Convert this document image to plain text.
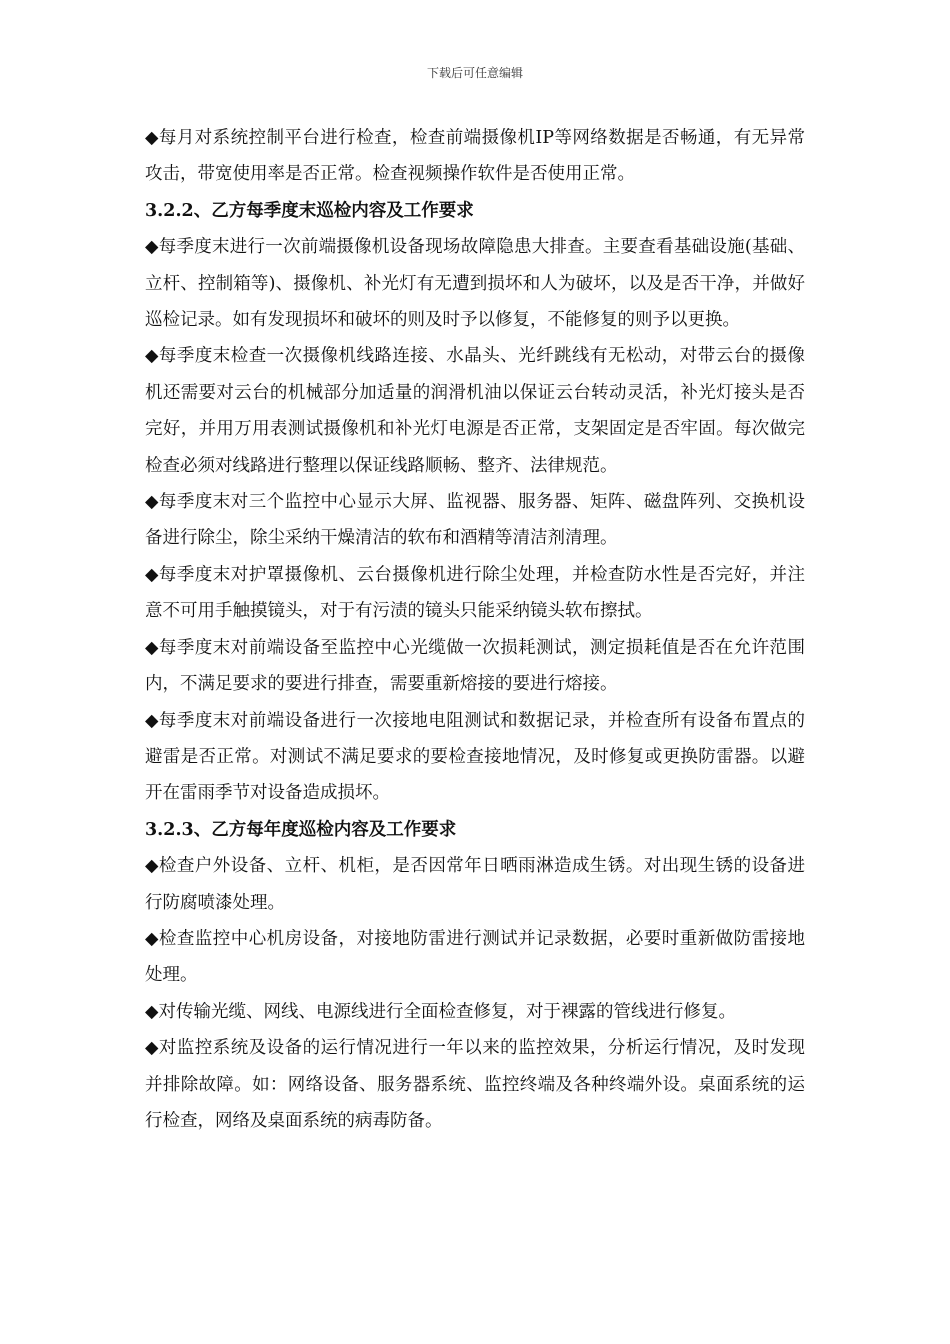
下载后可任意编辑

◆每月对系统控制平台进行检查，检查前端摄像机IP等网络数据是否畅通，有无异常攻击，带宽使用率是否正常。检查视频操作软件是否使用正常。

3.2.2、乙方每季度末巡检内容及工作要求

◆每季度末进行一次前端摄像机设备现场故障隐患大排查。主要查看基础设施(基础、立杆、控制箱等)、摄像机、补光灯有无遭到损坏和人为破坏，以及是否干净，并做好巡检记录。如有发现损坏和破坏的则及时予以修复，不能修复的则予以更换。

◆每季度末检查一次摄像机线路连接、水晶头、光纤跳线有无松动，对带云台的摄像机还需要对云台的机械部分加适量的润滑机油以保证云台转动灵活，补光灯接头是否完好，并用万用表测试摄像机和补光灯电源是否正常，支架固定是否牢固。每次做完检查必须对线路进行整理以保证线路顺畅、整齐、法律规范。

◆每季度末对三个监控中心显示大屏、监视器、服务器、矩阵、磁盘阵列、交换机设备进行除尘，除尘采纳干燥清洁的软布和酒精等清洁剂清理。

◆每季度末对护罩摄像机、云台摄像机进行除尘处理，并检查防水性是否完好，并注意不可用手触摸镜头，对于有污渍的镜头只能采纳镜头软布擦拭。

◆每季度末对前端设备至监控中心光缆做一次损耗测试，测定损耗值是否在允许范围内，不满足要求的要进行排查，需要重新熔接的要进行熔接。

◆每季度末对前端设备进行一次接地电阻测试和数据记录，并检查所有设备布置点的避雷是否正常。对测试不满足要求的要检查接地情况，及时修复或更换防雷器。以避开在雷雨季节对设备造成损坏。

3.2.3、乙方每年度巡检内容及工作要求

◆检查户外设备、立杆、机柜，是否因常年日晒雨淋造成生锈。对出现生锈的设备进行防腐喷漆处理。

◆检查监控中心机房设备，对接地防雷进行测试并记录数据，必要时重新做防雷接地处理。

◆对传输光缆、网线、电源线进行全面检查修复，对于裸露的管线进行修复。

◆对监控系统及设备的运行情况进行一年以来的监控效果，分析运行情况，及时发现并排除故障。如：网络设备、服务器系统、监控终端及各种终端外设。桌面系统的运行检查，网络及桌面系统的病毒防备。
